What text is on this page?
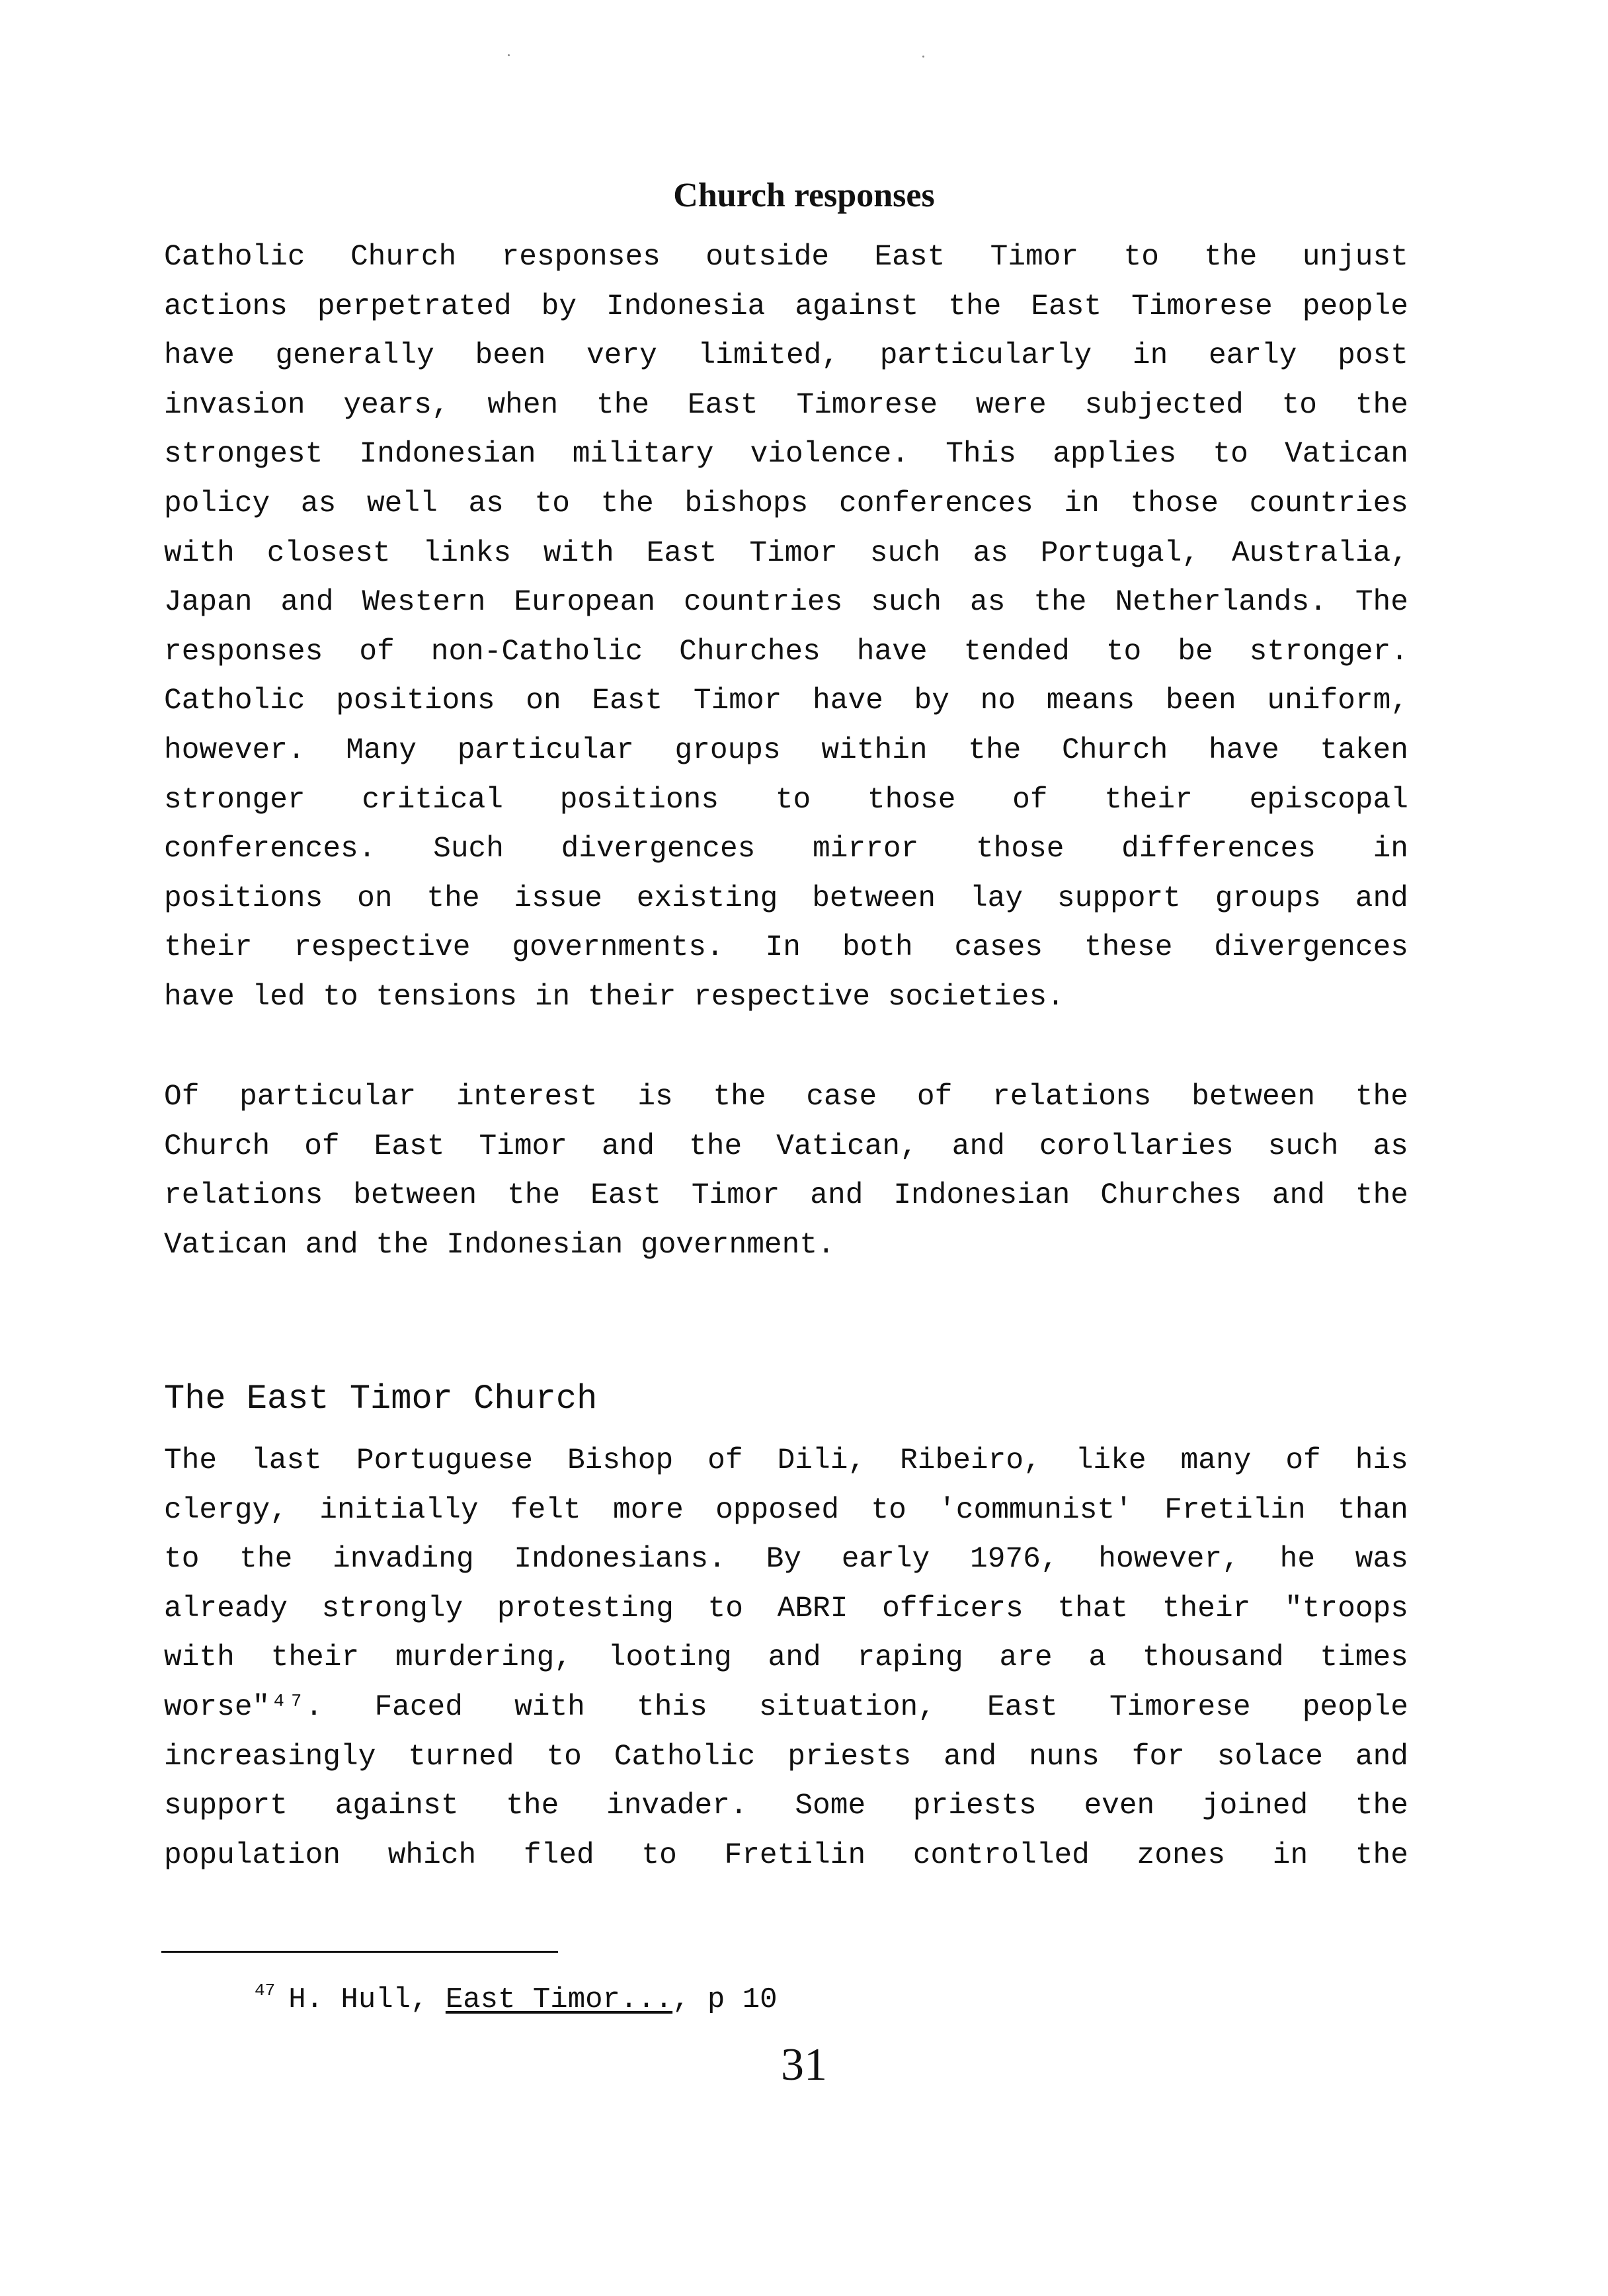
Church responses
Catholic Church responses outside East Timor to the unjust
actions perpetrated by Indonesia against the East Timorese people
have generally been very limited, particularly in early post
invasion years, when the East Timorese were subjected to the
strongest Indonesian military violence. This applies to Vatican
policy as well as to the bishops conferences in those countries
with closest links with East Timor such as Portugal, Australia,
Japan and Western European countries such as the Netherlands. The
responses of non-Catholic Churches have tended to be stronger.
Catholic positions on East Timor have by no means been uniform,
however. Many particular groups within the Church have taken
stronger critical positions to those of their episcopal
conferences. Such divergences mirror those differences in
positions on the issue existing between lay support groups and
their respective governments. In both cases these divergences
have led to tensions in their respective societies.
Of particular interest is the case of relations between the
Church of East Timor and the Vatican, and corollaries such as
relations between the East Timor and Indonesian Churches and the
Vatican and the Indonesian government.
The East Timor Church
The last Portuguese Bishop of Dili, Ribeiro, like many of his
clergy, initially felt more opposed to 'communist' Fretilin than
to the invading Indonesians. By early 1976, however, he was
already strongly protesting to ABRI officers that their "troops
with their murdering, looting and raping are a thousand times
worse"⁴⁷. Faced with this situation, East Timorese people
increasingly turned to Catholic priests and nuns for solace and
support against the invader. Some priests even joined the
population which fled to Fretilin controlled zones in the
$^{47}$ H. Hull, East Timor..., p 10
31
